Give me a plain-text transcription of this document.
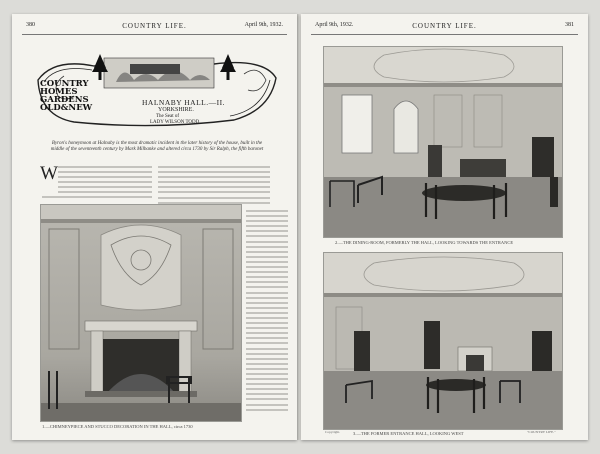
380	COUNTRY LIFE.	April 9th, 1932.
COUNTRY
HOMES
GARDENS
OLD&NEW
HALNABY HALL.—II.
YORKSHIRE.
The Seat of
LADY WILSON TODD.
Byron's honeymoon at Halnaby is the most dramatic incident in the later history of the house, built in the middle of the seventeenth century by Mark Milbanke and altered circa 1730 by Sir Ralph, the fifth baronet
W
1.—CHIMNEYPIECE AND STUCCO DECORATION IN THE HALL, circa 1730
April 9th, 1932.	COUNTRY LIFE.	381
2.—THE DINING-ROOM, FORMERLY THE HALL, LOOKING TOWARDS THE ENTRANCE
Copyright.	3.—THE FORMER ENTRANCE HALL, LOOKING WEST	"COUNTRY LIFE."
